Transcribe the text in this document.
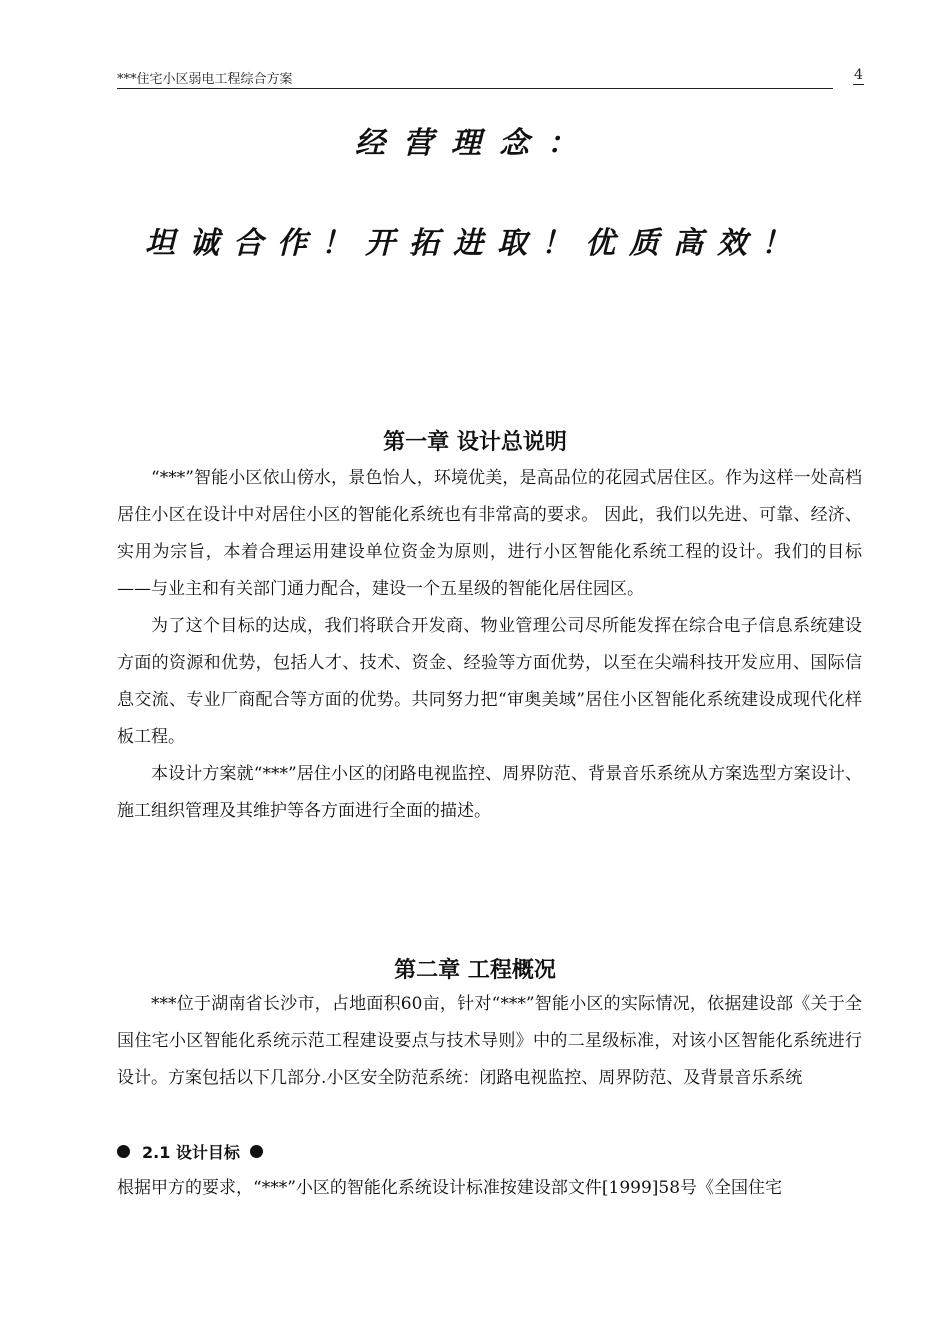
***住宅小区弱电工程综合方案	4
经营理念：
坦诚合作！开拓进取！优质高效！
第一章 设计总说明

“***”智能小区依山傍水，景色怡人，环境优美，是高品位的花园式居住区。作为这样一处高档居住小区在设计中对居住小区的智能化系统也有非常高的要求。 因此，我们以先进、可靠、经济、实用为宗旨，本着合理运用建设单位资金为原则，进行小区智能化系统工程的设计。我们的目标——与业主和有关部门通力配合，建设一个五星级的智能化居住园区。

为了这个目标的达成，我们将联合开发商、物业管理公司尽所能发挥在综合电子信息系统建设方面的资源和优势，包括人才、技术、资金、经验等方面优势，以至在尖端科技开发应用、国际信息交流、专业厂商配合等方面的优势。共同努力把“审奥美域”居住小区智能化系统建设成现代化样板工程。

本设计方案就“***”居住小区的闭路电视监控、周界防范、背景音乐系统从方案选型方案设计、施工组织管理及其维护等各方面进行全面的描述。

第二章 工程概况

***位于湖南省长沙市，占地面积60亩，针对“***”智能小区的实际情况，依据建设部《关于全国住宅小区智能化系统示范工程建设要点与技术导则》中的二星级标准，对该小区智能化系统进行设计。方案包括以下几部分.小区安全防范系统：闭路电视监控、周界防范、及背景音乐系统

2.1 设计目标

根据甲方的要求，“***”小区的智能化系统设计标准按建设部文件[1999]58号《全国住宅
